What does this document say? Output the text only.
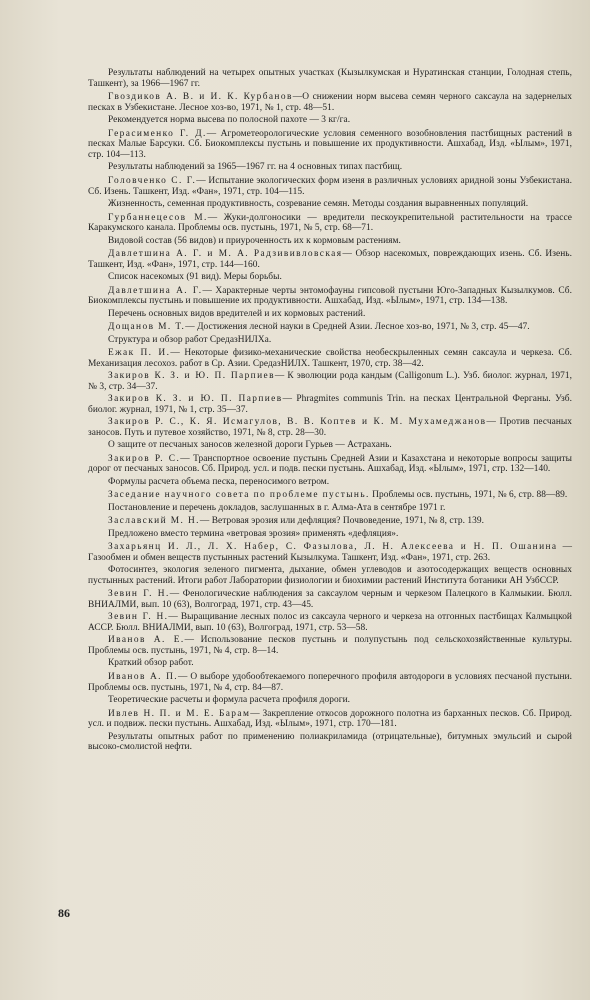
Результаты наблюдений на четырех опытных участках (Кызылкумская и Нуратинская станции, Голодная степь, Ташкент), за 1966—1967 гг.

Гвоздиков А. В. и И. К. Курбанов—О снижении норм высева семян черного саксаула на задернелых песках в Узбекистане. Лесное хоз-во, 1971, № 1, стр. 48—51.

Рекомендуется норма высева по полосной пахоте — 3 кг/га.

Герасименко Г. Д.— Агрометеорологические условия семенного возобновления пастбищных растений в песках Малые Барсуки. Сб. Биокомплексы пустынь и повышение их продуктивности. Ашхабад, Изд. «Ылым», 1971, стр. 104—113.

Результаты наблюдений за 1965—1967 гг. на 4 основных типах пастбищ.

Головченко С. Г.— Испытание экологических форм изеня в различных условиях аридной зоны Узбекистана. Сб. Изень. Ташкент, Изд. «Фан», 1971, стр. 104—115.

Жизненность, семенная продуктивность, созревание семян. Методы создания выравненных популяций.

Гурбаннецесов М.— Жуки-долгоносики — вредители пескоукрепительной растительности на трассе Каракумского канала. Проблемы осв. пустынь, 1971, № 5, стр. 68—71.

Видовой состав (56 видов) и приуроченность их к кормовым растениям.

Давлетшина А. Г. и М. А. Радзививловская— Обзор насекомых, повреждающих изень. Сб. Изень. Ташкент, Изд. «Фан», 1971, стр. 144—160.

Список насекомых (91 вид). Меры борьбы.

Давлетшина А. Г.— Характерные черты энтомофауны гипсовой пустыни Юго-Западных Кызылкумов. Сб. Биокомплексы пустынь и повышение их продуктивности. Ашхабад, Изд. «Ылым», 1971, стр. 134—138.

Перечень основных видов вредителей и их кормовых растений.

Дощанов М. Т.— Достижения лесной науки в Средней Азии. Лесное хоз-во, 1971, № 3, стр. 45—47.

Структура и обзор работ СредазНИЛХа.

Ежак П. И.— Некоторые физико-механические свойства необескрыленных семян саксаула и черкеза. Сб. Механизация лесохоз. работ в Ср. Азии. СредазНИЛХ. Ташкент, 1970, стр. 38—42.

Закиров К. З. и Ю. П. Парпиев— К эволюции рода кандым (Calligonum L.). Узб. биолог. журнал, 1971, № 3, стр. 34—37.

Закиров К. З. и Ю. П. Парпиев— Phragmites communis Trin. на песках Центральной Ферганы. Узб. биолог. журнал, 1971, № 1, стр. 35—37.

Закиров Р. С., К. Я. Исмагулов, В. В. Коптев и К. М. Мухамеджанов— Против песчаных заносов. Путь и путевое хозяйство, 1971, № 8, стр. 28—30.

О защите от песчаных заносов железной дороги Гурьев — Астрахань.

Закиров Р. С.— Транспортное освоение пустынь Средней Азии и Казахстана и некоторые вопросы защиты дорог от песчаных заносов. Сб. Природ. усл. и подв. пески пустынь. Ашхабад, Изд. «Ылым», 1971, стр. 132—140.

Формулы расчета объема песка, переносимого ветром.

Заседание научного совета по проблеме пустынь. Проблемы осв. пустынь, 1971, № 6, стр. 88—89.

Постановление и перечень докладов, заслушанных в г. Алма-Ата в сентябре 1971 г.

Заславский М. Н.— Ветровая эрозия или дефляция? Почвоведение, 1971, № 8, стр. 139.

Предложено вместо термина «ветровая эрозия» применять «дефляция».

Захарьянц И. Л., Л. Х. Набер, С. Фазылова, Л. Н. Алексеева и Н. П. Ошанина — Газообмен и обмен веществ пустынных растений Кызылкума. Ташкент, Изд. «Фан», 1971, стр. 263.

Фотосинтез, экология зеленого пигмента, дыхание, обмен углеводов и азотосодержащих веществ основных пустынных растений. Итоги работ Лаборатории физиологии и биохимии растений Института ботаники АН УзбССР.

Зевин Г. Н.— Фенологические наблюдения за саксаулом черным и черкезом Палецкого в Калмыкии. Бюлл. ВНИАЛМИ, вып. 10 (63), Волгоград, 1971, стр. 43—45.

Зевин Г. Н.— Выращивание лесных полос из саксаула черного и черкеза на отгонных пастбищах Калмыцкой АССР. Бюлл. ВНИАЛМИ, вып. 10 (63), Волгоград, 1971, стр. 53—58.

Иванов А. Е.— Использование песков пустынь и полупустынь под сельскохозяйственные культуры. Проблемы осв. пустынь, 1971, № 4, стр. 8—14.

Краткий обзор работ.

Иванов А. П.— О выборе удобообтекаемого поперечного профиля автодороги в условиях песчаной пустыни. Проблемы осв. пустынь, 1971, № 4, стр. 84—87.

Теоретические расчеты и формула расчета профиля дороги.

Ивлев Н. П. и М. Е. Барам— Закрепление откосов дорожного полотна из барханных песков. Сб. Природ. усл. и подвиж. пески пустынь. Ашхабад, Изд. «Ылым», 1971, стр. 170—181.

Результаты опытных работ по применению полиакриламида (отрицательные), битумных эмульсий и сырой высоко-смолистой нефти.

86
